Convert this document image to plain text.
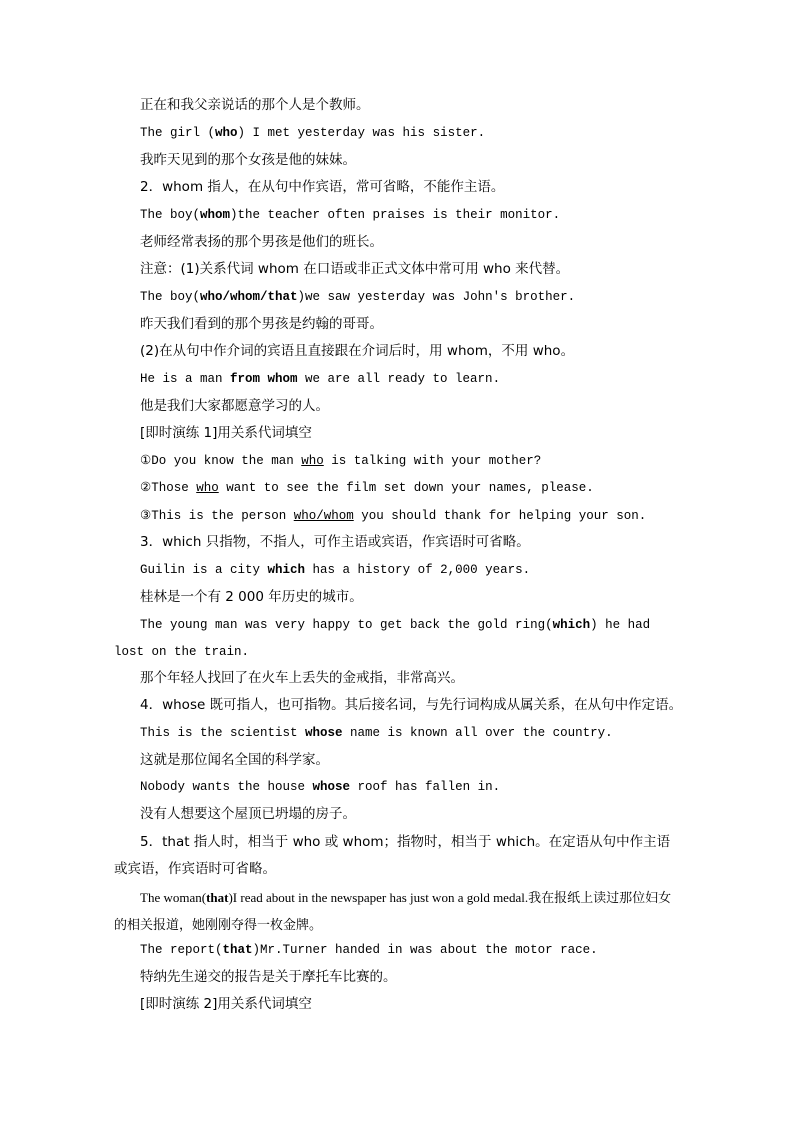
正在和我父亲说话的那个人是个教师。
The girl (who) I met yesterday was his sister.
我昨天见到的那个女孩是他的妹妹。
2．whom 指人，在从句中作宾语，常可省略，不能作主语。
The boy(whom)the teacher often praises is their monitor.
老师经常表扬的那个男孩是他们的班长。
注意：(1)关系代词 whom 在口语或非正式文体中常可用 who 来代替。
The boy(who/whom/that)we saw yesterday was John's brother.
昨天我们看到的那个男孩是约翰的哥哥。
(2)在从句中作介词的宾语且直接跟在介词后时，用 whom，不用 who。
He is a man from whom we are all ready to learn.
他是我们大家都愿意学习的人。
[即时演练 1]用关系代词填空
①Do you know the man who is talking with your mother?
②Those who want to see the film set down your names, please.
③This is the person who/whom you should thank for helping your son.
3．which 只指物，不指人，可作主语或宾语，作宾语时可省略。
Guilin is a city which has a history of 2,000 years.
桂林是一个有 2 000 年历史的城市。
The young man was very happy to get back the gold ring(which) he had lost on the train.
那个年轻人找回了在火车上丢失的金戒指，非常高兴。
4．whose 既可指人，也可指物。其后接名词，与先行词构成从属关系，在从句中作定语。
This is the scientist whose name is known all over the country.
这就是那位闻名全国的科学家。
Nobody wants the house whose roof has fallen in.
没有人想要这个屋顶已坍塌的房子。
5．that 指人时，相当于 who 或 whom；指物时，相当于 which。在定语从句中作主语或宾语，作宾语时可省略。
The woman(that)I read about in the newspaper has just won a gold medal.我在报纸上读过那位妇女的相关报道，她刚刚夺得一枚金牌。
The report(that)Mr.Turner handed in was about the motor race.
特纳先生递交的报告是关于摩托车比赛的。
[即时演练 2]用关系代词填空
